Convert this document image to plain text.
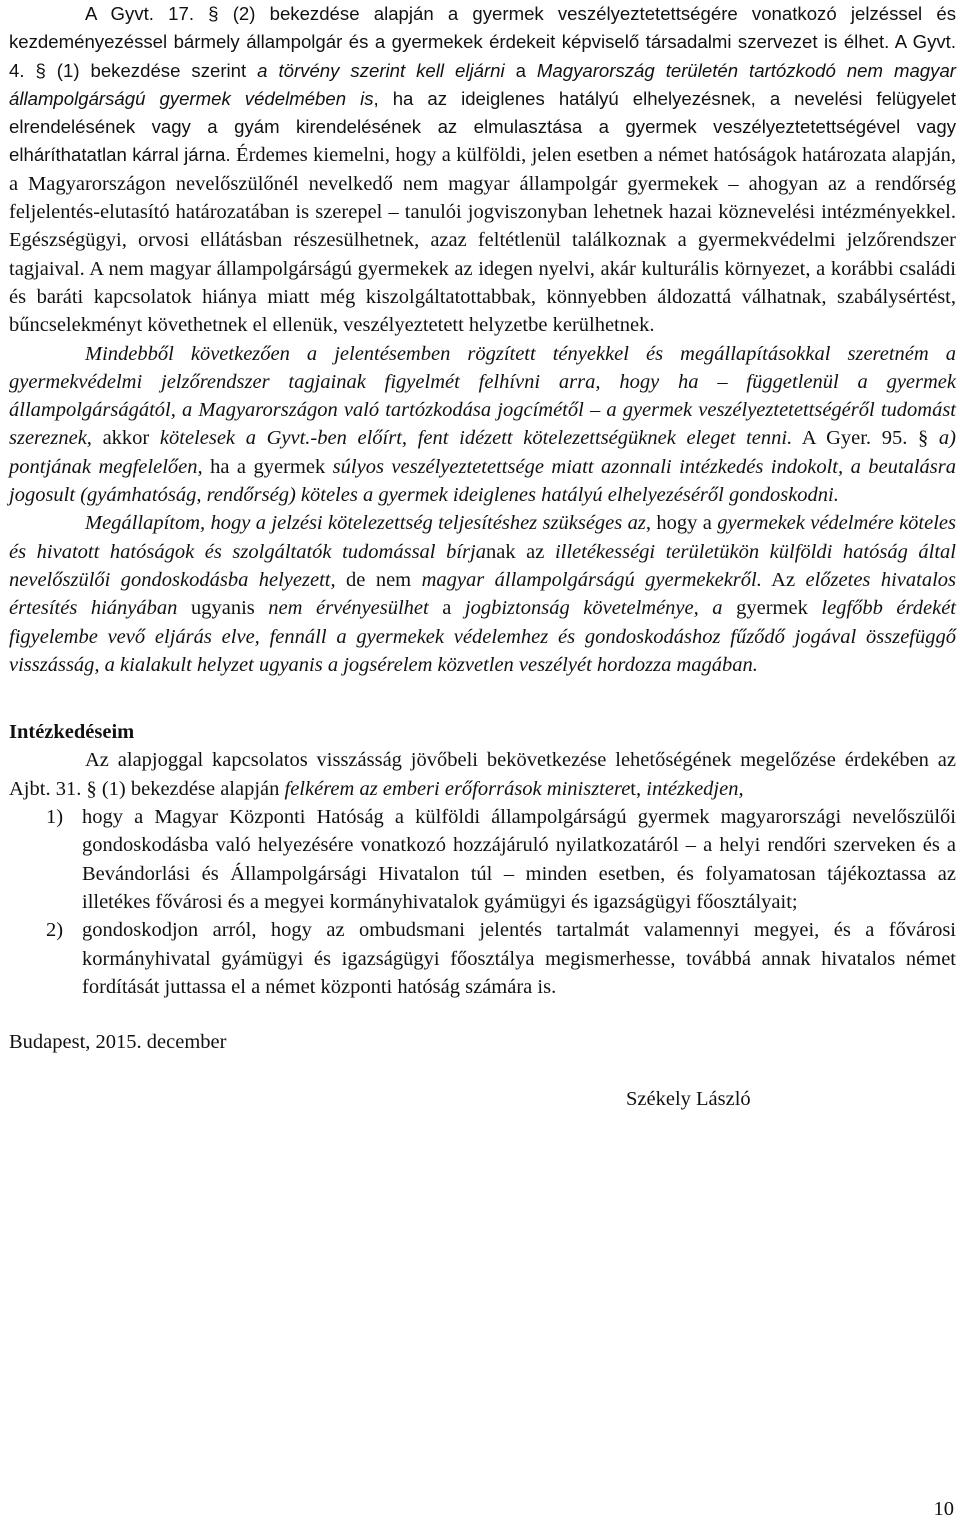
A Gyvt. 17. § (2) bekezdése alapján a gyermek veszélyeztetettségére vonatkozó jelzéssel és kezdeményezéssel bármely állampolgár és a gyermekek érdekeit képviselő társadalmi szervezet is élhet. A Gyvt. 4. § (1) bekezdése szerint a törvény szerint kell eljárni a Magyarország területén tartózkodó nem magyar állampolgárságú gyermek védelmében is, ha az ideiglenes hatályú elhelyezésnek, a nevelési felügyelet elrendelésének vagy a gyám kirendelésének az elmulasztása a gyermek veszélyeztetettségével vagy elháríthatatlan kárral járna. Érdemes kiemelni, hogy a külföldi, jelen esetben a német hatóságok határozata alapján, a Magyarországon nevelőszülőnél nevelkedő nem magyar állampolgár gyermekek – ahogyan az a rendőrség feljelentés-elutasító határozatában is szerepel – tanulói jogviszonyban lehetnek hazai köznevelési intézményekkel. Egészségügyi, orvosi ellátásban részesülhetnek, azaz feltétlenül találkoznak a gyermekvédelmi jelzőrendszer tagjaival. A nem magyar állampolgárságú gyermekek az idegen nyelvi, akár kulturális környezet, a korábbi családi és baráti kapcsolatok hiánya miatt még kiszolgáltatottabbak, könnyebben áldozattá válhatnak, szabálysértést, bűncselekményt követhetnek el ellenük, veszélyeztetett helyzetbe kerülhetnek.

Mindebből következően a jelentésemben rögzített tényekkel és megállapításokkal szeretném a gyermekvédelmi jelzőrendszer tagjainak figyelmét felhívni arra, hogy ha – függetlenül a gyermek állampolgárságától, a Magyarországon való tartózkodása jogcímétől – a gyermek veszélyeztetettségéről tudomást szereznek, akkor kötelesek a Gyvt.-ben előírt, fent idézett kötelezettségüknek eleget tenni. A Gyer. 95. § a) pontjának megfelelően, ha a gyermek súlyos veszélyeztetettsége miatt azonnali intézkedés indokolt, a beutalásra jogosult (gyámhatóság, rendőrség) köteles a gyermek ideiglenes hatályú elhelyezéséről gondoskodni.

Megállapítom, hogy a jelzési kötelezettség teljesítéshez szükséges az, hogy a gyermekek védelmére köteles és hivatott hatóságok és szolgáltatók tudomással bírjanak az illetékességi területükön külföldi hatóság által nevelőszülői gondoskodásba helyezett, de nem magyar állampolgárságú gyermekekről. Az előzetes hivatalos értesítés hiányában ugyanis nem érvényesülhet a jogbiztonság követelménye, a gyermek legfőbb érdekét figyelembe vevő eljárás elve, fennáll a gyermekek védelemhez és gondoskodáshoz fűződő jogával összefüggő visszásság, a kialakult helyzet ugyanis a jogsérelem közvetlen veszélyét hordozza magában.

Intézkedéseim

Az alapjoggal kapcsolatos visszásság jövőbeli bekövetkezése lehetőségének megelőzése érdekében az Ajbt. 31. § (1) bekezdése alapján felkérem az emberi erőforrások miniszteret, intézkedjen,

1) hogy a Magyar Központi Hatóság a külföldi állampolgárságú gyermek magyarországi nevelőszülői gondoskodásba való helyezésére vonatkozó hozzájáruló nyilatkozatáról – a helyi rendőri szerveken és a Bevándorlási és Állampolgársági Hivatalon túl – minden esetben, és folyamatosan tájékoztassa az illetékes fővárosi és a megyei kormányhivatalok gyámügyi és igazságügyi főosztályait;
2) gondoskodjon arról, hogy az ombudsmani jelentés tartalmát valamennyi megyei, és a fővárosi kormányhivatal gyámügyi és igazságügyi főosztálya megismerhesse, továbbá annak hivatalos német fordítását juttassa el a német központi hatóság számára is.

Budapest, 2015. december

Székely László

10
